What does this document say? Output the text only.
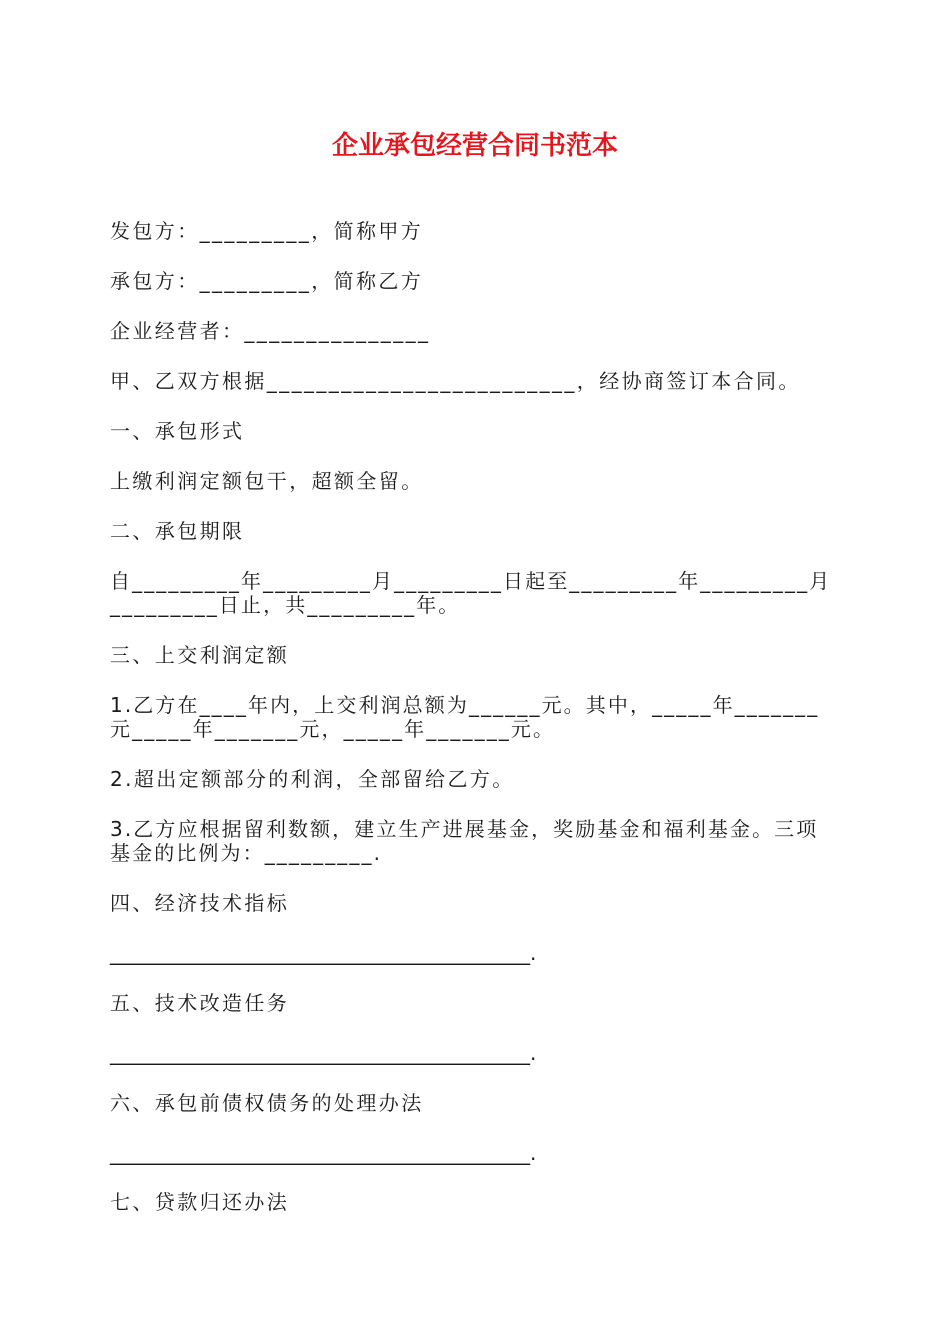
企业承包经营合同书范本
发包方：_________，简称甲方
承包方：_________，简称乙方
企业经营者：_______________
甲、乙双方根据_________________________，经协商签订本合同。
一、承包形式
上缴利润定额包干，超额全留。
二、承包期限
自_________年_________月_________日起至_________年_________月_________日止，共_________年。
三、上交利润定额
1.乙方在____年内，上交利润总额为______元。其中，_____年_______元_____年_______元，_____年_______元。
2.超出定额部分的利润，全部留给乙方。
3.乙方应根据留利数额，建立生产进展基金，奖励基金和福利基金。三项基金的比例为：_________.
四、经济技术指标
__________________________________________.
五、技术改造任务
__________________________________________.
六、承包前债权债务的处理办法
__________________________________________.
七、贷款归还办法
